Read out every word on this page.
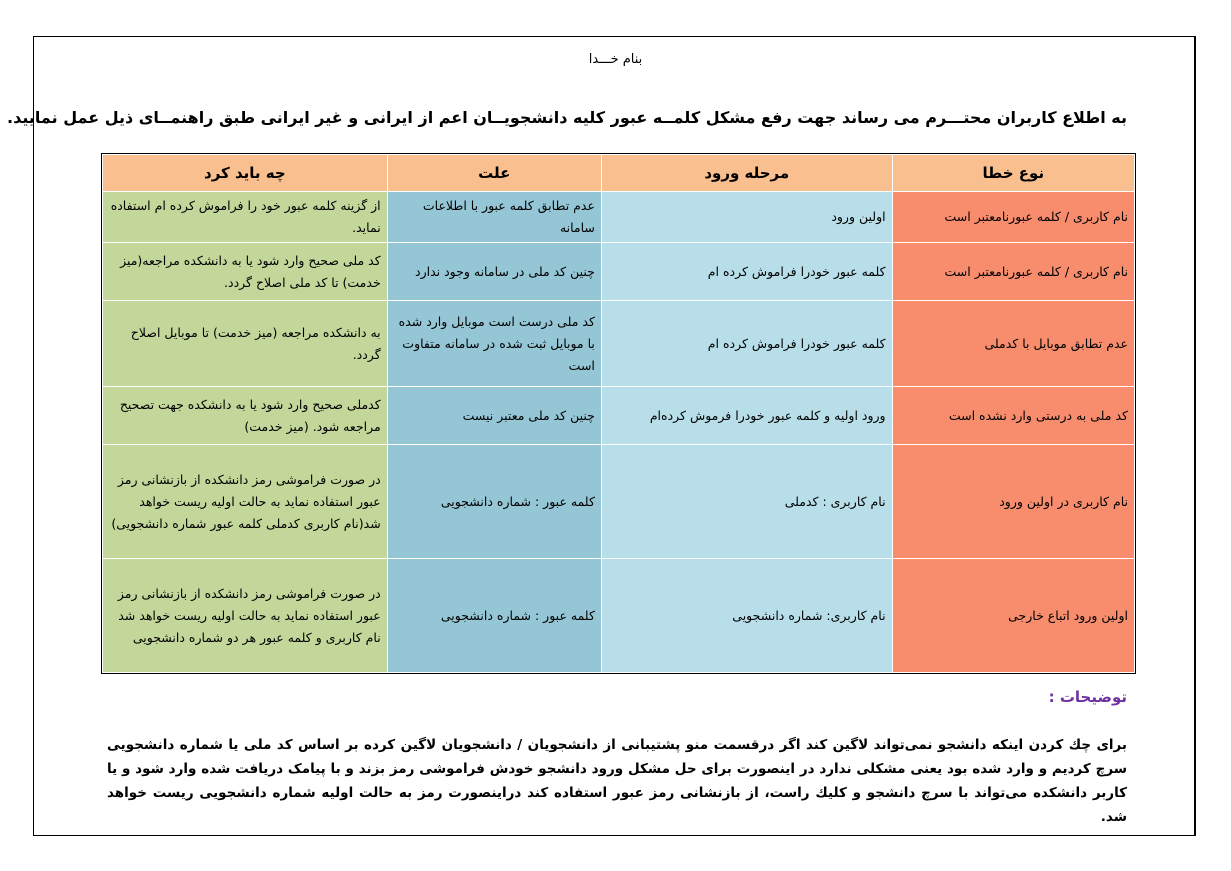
بنام خـــدا
به اطلاع کاربران محتـــرم می رساند جهت رفع مشکل کلمــه عبور کلیه دانشجویــان اعم از ایرانی و غیر ایرانی طبق راهنمــای ذیل عمل نمایید.
نوع خطا	مرحله ورود	علت	چه باید کرد
نام کاربری / کلمه عبورنامعتبر است	اولین ورود	عدم تطابق کلمه عبور با اطلاعات سامانه	از گزینه کلمه عبور خود را فراموش کرده ام استفاده نماید.
نام کاربری / کلمه عبورنامعتبر است	کلمه عبور خودرا فراموش کرده ام	چنین کد ملی در سامانه وجود ندارد	کد ملی صحیح وارد شود یا به دانشکده مراجعه(میز خدمت) تا کد ملی اصلاح گردد.
عدم تطابق موبایل با کدملی	کلمه عبور خودرا فراموش کرده ام	کد ملی درست است موبایل وارد شده با موبایل ثبت شده در سامانه متفاوت است	به دانشکده مراجعه (میز خدمت) تا موبایل اصلاح گردد.
کد ملی به درستی وارد نشده است	ورود اولیه و کلمه عبور خودرا فرموش کرده‌ام	چنین کد ملی معتبر نیست	کدملی صحیح وارد شود یا به دانشکده جهت تصحیح مراجعه شود. (میز خدمت)
نام کاربری در اولین ورود	نام کاربری : کدملی	کلمه عبور : شماره دانشجویی	در صورت فراموشی رمز دانشکده از بازنشانی رمز عبور استفاده نماید به حالت اولیه ریست خواهد شد(نام کاربری کدملی کلمه عبور شماره دانشجویی)
اولین ورود اتباع خارجی	نام کاربری: شماره دانشجویی	کلمه عبور : شماره دانشجویی	در صورت فراموشی رمز دانشکده از بازنشانی رمز عبور استفاده نماید به حالت اولیه ریست خواهد شد نام کاربری و کلمه عبور هر دو شماره دانشجویی
توضیحات :
برای چك كردن اینكه دانشجو نمی‌تواند لاگین كند اگر درقسمت منو پشتیبانی از دانشجویان / دانشجویان لاگین کرده بر اساس کد ملی یا شماره دانشجویی سرچ کردیم و وارد شده بود یعنی مشکلی ندارد در اینصورت برای حل مشکل ورود دانشجو خودش فراموشی رمز بزند و با پیامک دریافت شده وارد شود و یا کاربر دانشکده می‌تواند با سرچ دانشجو و کلیك راست، از بازنشانی رمز عبور استفاده کند دراینصورت رمز به حالت اولیه شماره دانشجویی ریست خواهد شد.
